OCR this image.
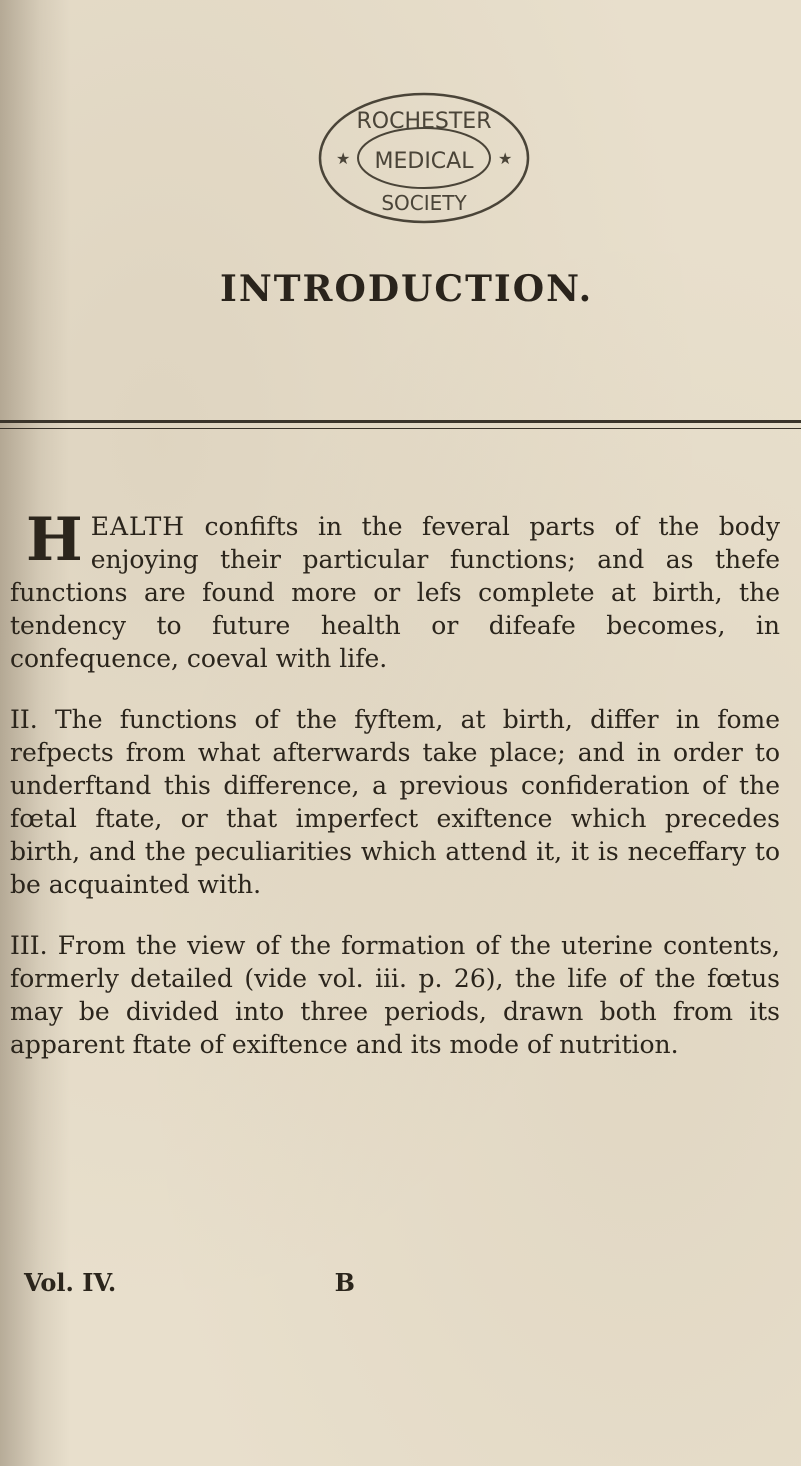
ROCHESTER
MEDICAL
SOCIETY
★	★
INTRODUCTION.

HEALTH confifts in the feveral parts of the body enjoying their particular functions; and as thefe functions are found more or lefs complete at birth, the tendency to future health or difeafe becomes, in confequence, coeval with life.

II. The functions of the fyftem, at birth, differ in fome refpects from what afterwards take place; and in order to underftand this difference, a previous confideration of the fœtal ftate, or that imperfect exiftence which precedes birth, and the peculiarities which attend it, it is neceffary to be acquainted with.

III. From the view of the formation of the uterine contents, formerly detailed (vide vol. iii. p. 26), the life of the fœtus may be divided into three periods, drawn both from its apparent ftate of exiftence and its mode of nutrition.

Vol. IV.	B
